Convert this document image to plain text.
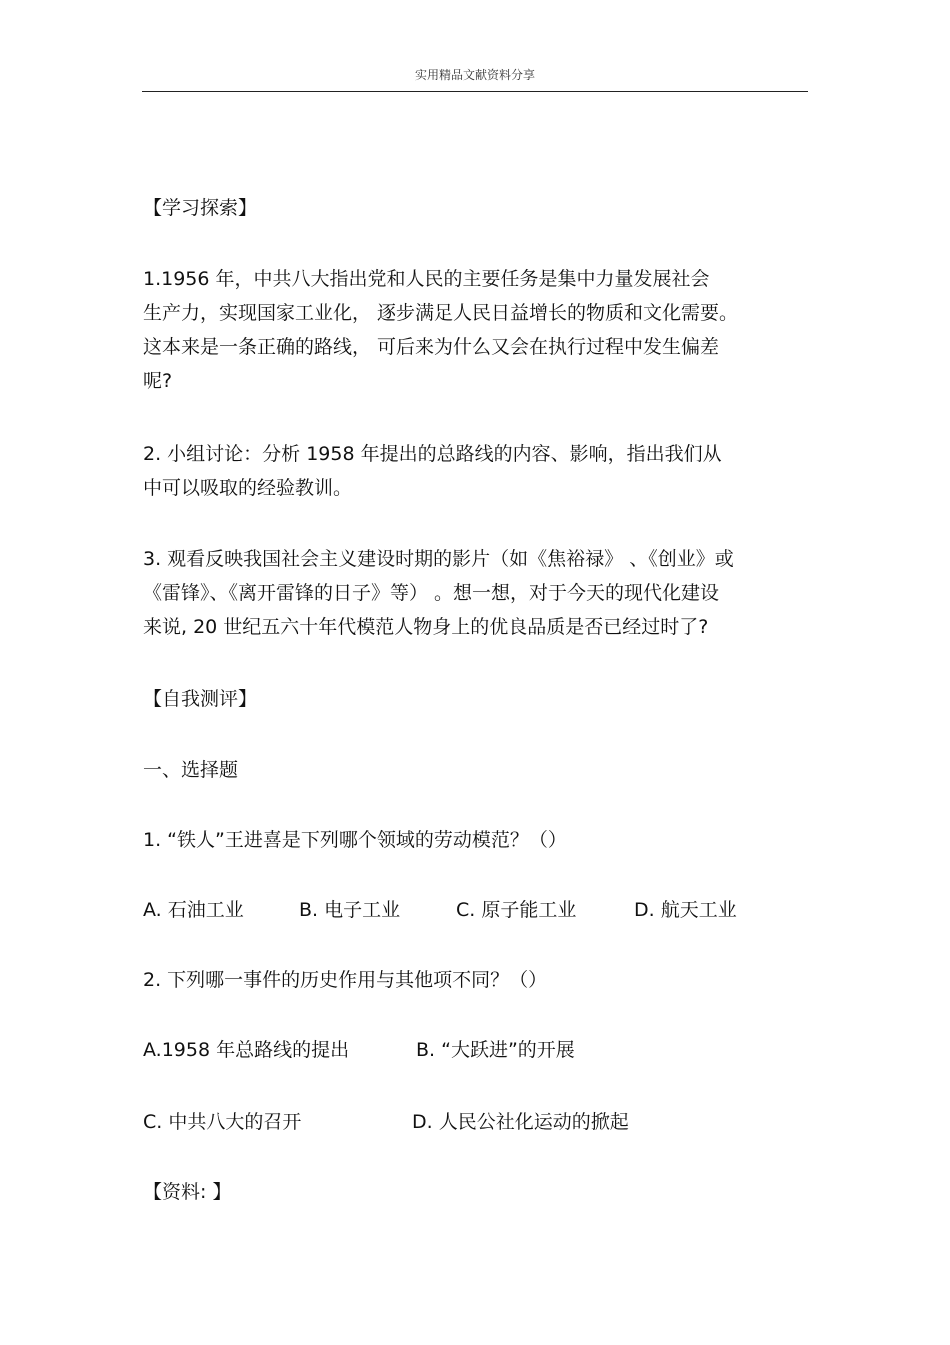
实用精品文献资料分享
【学习探索】
1.1956 年，中共八大指出党和人民的主要任务是集中力量发展社会
生产力，实现国家工业化， 逐步满足人民日益增长的物质和文化需要。
这本来是一条正确的路线， 可后来为什么又会在执行过程中发生偏差
呢?
2. 小组讨论：分析 1958 年提出的总路线的内容、影响，指出我们从
中可以吸取的经验教训。
3. 观看反映我国社会主义建设时期的影片（如《焦裕禄》 、《创业》或
《雷锋》、《离开雷锋的日子》等） 。想一想，对于今天的现代化建设
来说, 20 世纪五六十年代模范人物身上的优良品质是否已经过时了?
【自我测评】
一、选择题
1. “铁人”王进喜是下列哪个领域的劳动模范？（）
A. 石油工业	B. 电子工业	C. 原子能工业	D. 航天工业
2. 下列哪一事件的历史作用与其他项不同？（）
A.1958 年总路线的提出	B. “大跃进”的开展
C. 中共八大的召开	D. 人民公社化运动的掀起
【资料: 】
